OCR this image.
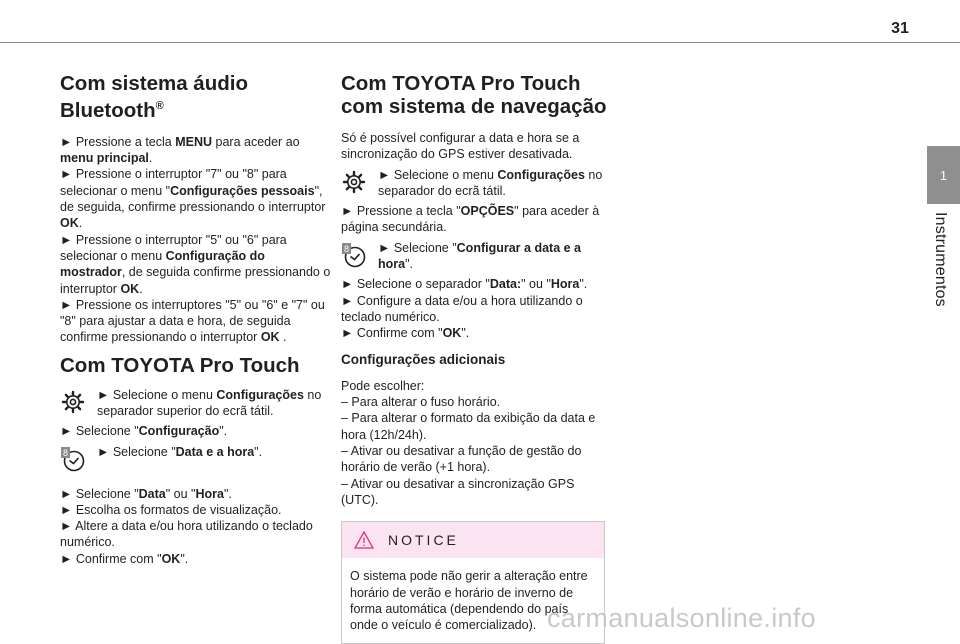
31
1
Instrumentos
Com sistema áudio Bluetooth®

► Pressione a tecla MENU para aceder ao menu principal.

► Pressione o interruptor "7" ou "8" para selecionar o menu "Configurações pessoais", de seguida, confirme pressionando o interruptor OK.

► Pressione o interruptor "5" ou "6" para selecionar o menu Configuração do mostrador, de seguida confirme pressionando o interruptor OK.

► Pressione os interruptores "5" ou "6" e "7" ou "8" para ajustar a data e hora, de seguida confirme pressionando o interruptor OK .

Com TOYOTA Pro Touch

► Selecione o menu Configurações no separador superior do ecrã tátil.

► Selecione "Configuração".

8 ► Selecione "Data e a hora".

► Selecione "Data" ou "Hora".

► Escolha os formatos de visualização.

► Altere a data e/ou hora utilizando o teclado numérico.

► Confirme com "OK".

Com TOYOTA Pro Touch com sistema de navegação

Só é possível configurar a data e hora se a sincronização do GPS estiver desativada.

► Selecione o menu Configurações no separador do ecrã tátil.

► Pressione a tecla "OPÇÕES" para aceder à página secundária.

8 ► Selecione "Configurar a data e a hora".

► Selecione o separador "Data:" ou "Hora".

► Configure a data e/ou a hora utilizando o teclado numérico.

► Confirme com "OK".

Configurações adicionais

Pode escolher:

– Para alterar o fuso horário.

– Para alterar o formato da exibição da data e hora (12h/24h).

– Ativar ou desativar a função de gestão do horário de verão (+1 hora).

– Ativar ou desativar a sincronização GPS (UTC).

NOTICE
O sistema pode não gerir a alteração entre horário de verão e horário de inverno de forma automática (dependendo do país onde o veículo é comercializado). carmanualsonline.info
